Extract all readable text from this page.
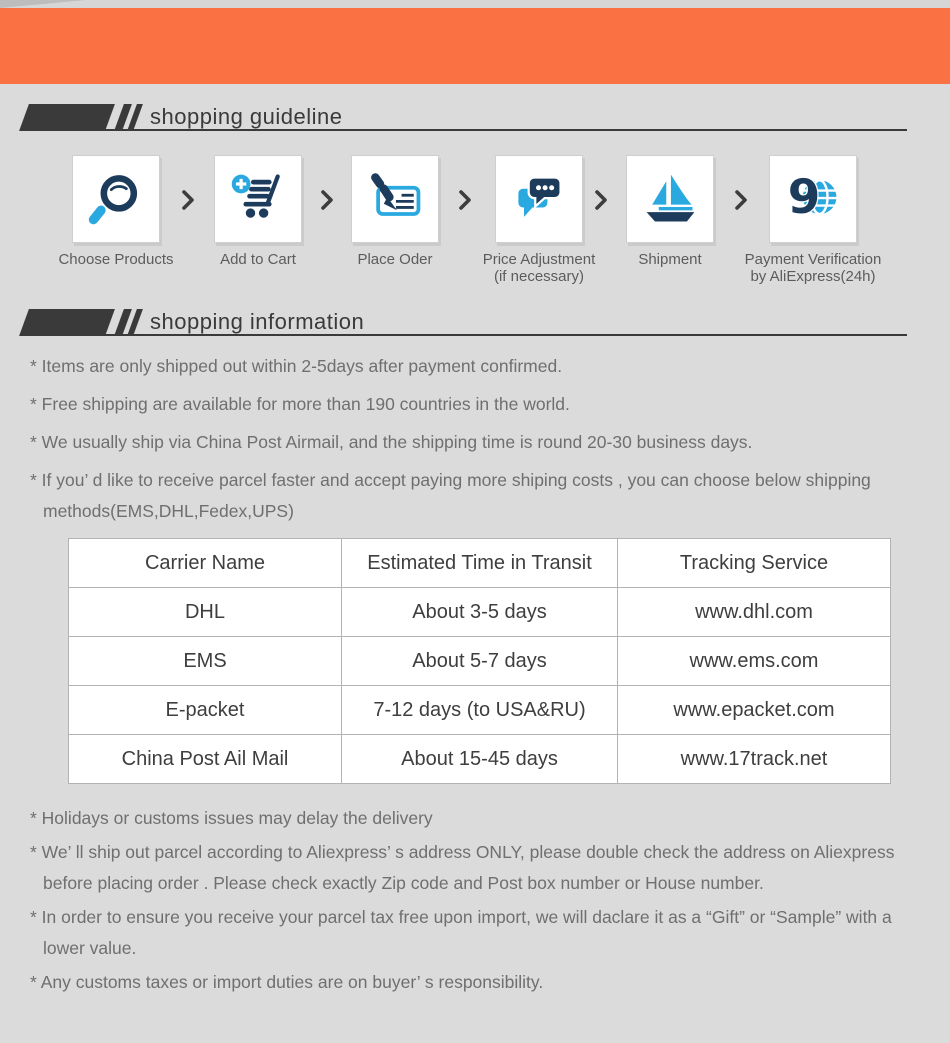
shopping guideline
Choose Products	Add to Cart	Place Oder	Price Adjustment
(if necessary)
Shipment
9
Payment Verification
by AliExpress(24h)
shopping information
* Items are only shipped out within 2-5days after payment confirmed.
* Free shipping are available for more than 190 countries in the world.
* We usually ship via China Post Airmail, and the shipping time is round 20-30 business days.
* If you’ d like to receive parcel faster and accept paying more shiping costs , you can choose below shipping methods(EMS,DHL,Fedex,UPS)
Carrier Name	Estimated Time in Transit	Tracking Service
DHL	About 3-5 days	www.dhl.com
EMS	About 5-7 days	www.ems.com
E-packet	7-12 days (to USA&RU)	www.epacket.com
China Post Ail Mail	About 15-45 days	www.17track.net
* Holidays or customs issues may delay the delivery
* We’ ll ship out parcel according to Aliexpress’ s address ONLY, please double check the address on Aliexpress before placing order . Please check exactly Zip code and Post box number or House number.
* In order to ensure you receive your parcel tax free upon import, we will daclare it as a “Gift” or “Sample” with a lower value.
* Any customs taxes or import duties are on buyer’ s responsibility.
